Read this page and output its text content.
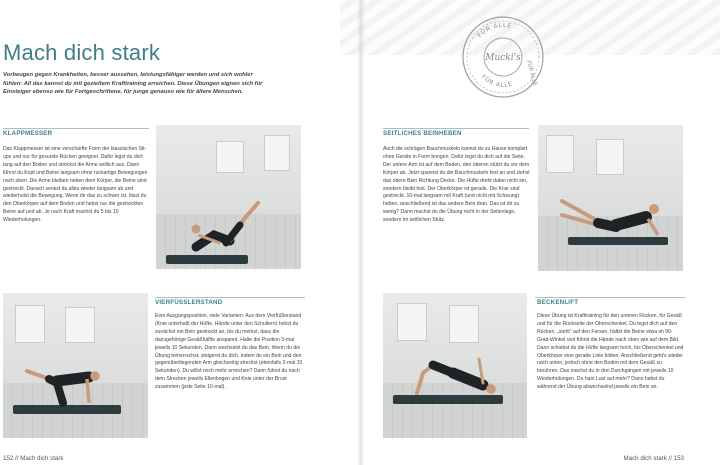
Mach dich stark
Vorbeugen gegen Krankheiten, besser aussehen, leistungsfähiger werden und sich wohler fühlen: All das kannst du mit gezieltem Krafttraining erreichen. Diese Übungen eignen sich für Einsteiger ebenso wie für Fortgeschrittene, für junge genauso wie für ältere Menschen.
FÜR ALLE
FÜR ALLE FÜR ALLE
Mucki's
KLAPPMESSER
Das Klappmesser ist eine verschärfte Form der klassischen Sit-ups und nur für gesunde Rücken geeignet. Dafür legst du dich lang auf den Boden und streckst die Arme seitlich aus. Dann führst du Kopf und Beine langsam ohne ruckartige Bewegungen nach oben. Die Arme bleiben neben dem Körper, die Beine sind gestreckt. Danach senkst du alles wieder langsam ab und wiederholst die Bewegung. Wenn dir das zu schwer ist, lässt du den Oberkörper auf dem Boden und hebst nur die gestreckten Beine auf und ab. Je nach Kraft machst du 5 bis 10 Wiederholungen.
VIERFÜSSLERSTAND
Eine Ausgangsposition, viele Varianten: Aus dem Vierfüßlerstand (Knie unterhalb der Hüfte, Hände unter den Schultern) hebst du zunächst ein Bein gestreckt an, bis du merkst, dass die dazugehörige Gesäßhälfte anspannt. Halte die Position 3-mal jeweils 10 Sekunden. Dann wechselst du das Bein. Wenn du die Übung beherrschst, steigerst du dich, indem du ein Bein und den gegenüberliegenden Arm gleichzeitig streckst (ebenfalls 3-mal 10 Sekunden). Du willst noch mehr erreichen? Dann führst du nach dem Strecken jeweils Ellenbogen und Knie unter der Brust zusammen (jede Seite 10-mal).
SEITLICHES BEINHEBEN
Auch die schrägen Bauchmuskeln kannst du zu Hause komplett ohne Geräte in Form bringen. Dafür legst du dich auf die Seite. Der untere Arm ist auf dem Boden, den oberen stützt du vor dem Körper ab. Jetzt spannst du die Bauchmuskeln fest an und ziehst das obere Bein Richtung Decke. Die Hüfte dreht dabei nicht ein, sondern bleibt fest. Der Oberkörper ist gerade. Die Knie sind gestreckt. 10-mal langsam mit Kraft (und nicht mit Schwung) heben, anschließend ist das andere Bein dran. Das ist dir zu wenig? Dann machst du die Übung nicht in der Seitenlage, sondern im seitlichen Stütz.
BECKENLIFT
Diese Übung ist Krafttraining für den unteren Rücken, für Gesäß und für die Rückseite der Oberschenkel. Du legst dich auf den Rücken, „steht“ auf den Fersen, hältst die Beine etwa im 90-Grad-Winkel und führst die Hände nach oben wie auf dem Bild. Dann schiebst du die Hüfte langsam hoch, bis Oberschenkel und Oberkörper eine gerade Linie bilden. Anschließend geht's wieder nach unten, jedoch ohne den Boden mit dem Gesäß zu berühren. Das machst du in drei Durchgängen mit jeweils 10 Wiederholungen. Du hast Lust auf mehr? Dann hebst du während der Übung abwechselnd jeweils ein Bein an.
152 // Mach dich stark	Mach dich stark // 153
